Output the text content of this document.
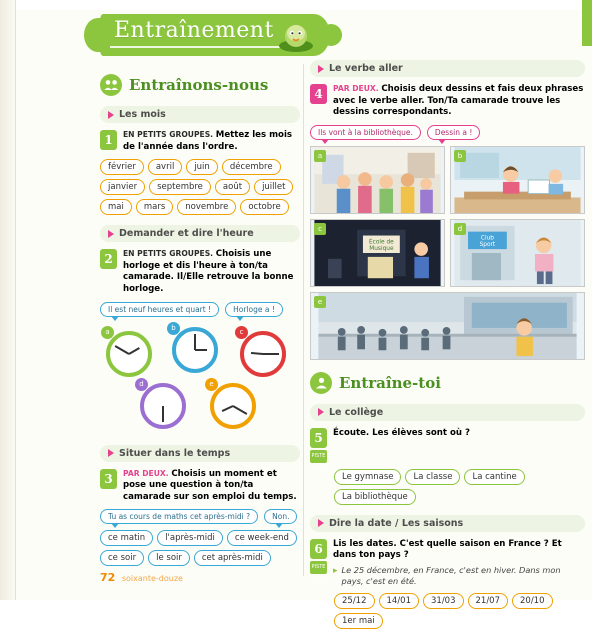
Entraînement
Entraînons-nous
Les mois
1	EN PETITS GROUPES. Mettez les mois de l'année dans l'ordre.
février	avril	juin	décembre
janvier	septembre	août	juillet
mai	mars	novembre	octobre
Demander et dire l'heure
2	EN PETITS GROUPES. Choisis une horloge et dis l'heure à ton/ta camarade. Il/Elle retrouve la bonne horloge.
Il est neuf heures et quart !	Horloge a !
a	b	c
d	e
Situer dans le temps
3	PAR DEUX. Choisis un moment et pose une question à ton/ta camarade sur son emploi du temps.
Tu as cours de maths cet après-midi ?	Non.
ce matin	l'après-midi	ce week-end
ce soir	le soir	cet après-midi
Le verbe aller
4	PAR DEUX. Choisis deux dessins et fais deux phrases avec le verbe aller. Ton/Ta camarade trouve les dessins correspondants.
Ils vont à la bibliothèque.	Dessin a !
a	b
c
École de
Musique
d
Club
Sport
e
Entraîne-toi
Le collège
5
PISTE 42
Écoute. Les élèves sont où ?
Le gymnase	La classe	La cantine
La bibliothèque
Dire la date / Les saisons
6
PISTE 43
Lis les dates. C'est quelle saison en France ? Et dans ton pays ?
▸ Le 25 décembre, en France, c'est en hiver. Dans mon pays, c'est en été.
25/12	14/01	31/03	21/07	20/10
1er mai
72 soixante-douze
